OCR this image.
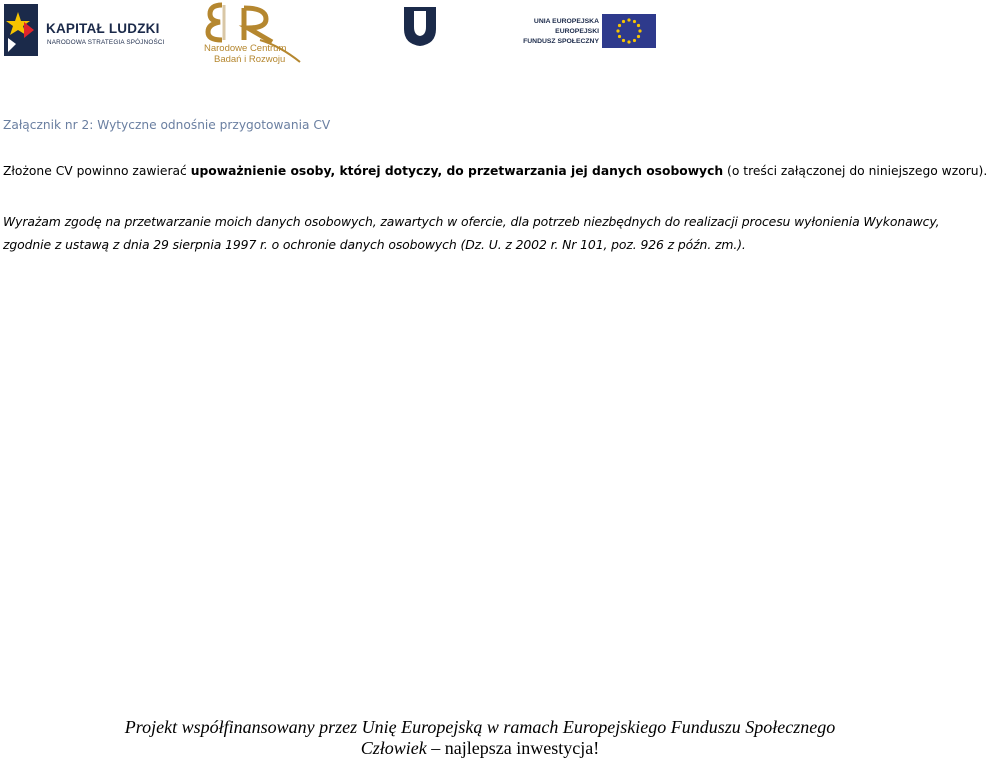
KAPITAŁ LUDZKI
NARODOWA STRATEGIA SPÓJNOŚCI
Narodowe Centrum
Badań i Rozwoju
UNIA EUROPEJSKA
EUROPEJSKI
FUNDUSZ SPOŁECZNY
Załącznik nr 2: Wytyczne odnośnie przygotowania CV
Złożone CV powinno zawierać upoważnienie osoby, której dotyczy, do przetwarzania jej danych osobowych (o treści załączonej do niniejszego wzoru).
Wyrażam zgodę na przetwarzanie moich danych osobowych, zawartych w ofercie, dla potrzeb niezbędnych do realizacji procesu wyłonienia Wykonawcy, zgodnie z ustawą z dnia 29 sierpnia 1997 r. o ochronie danych osobowych (Dz. U. z 2002 r. Nr 101, poz. 926 z późn. zm.).
Projekt współfinansowany przez Unię Europejską w ramach Europejskiego Funduszu Społecznego
Człowiek – najlepsza inwestycja!
